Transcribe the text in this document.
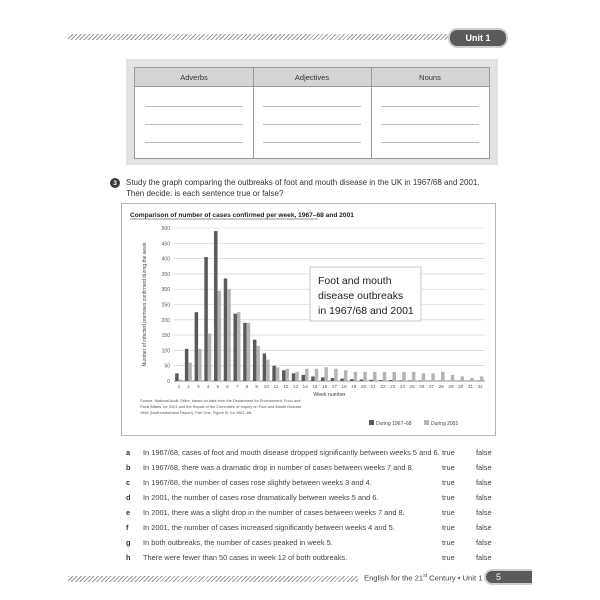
Unit 1
Adverbs	Adjectives	Nouns
3	Study the graph comparing the outbreaks of foot and mouth disease in the UK in 1967/68 and 2001.
Then decide: is each sentence true or false?
Comparison of number of cases confirmed per week, 1967–68 and 2001
0
50
100
150
200
250
300
350
400
450
500
Number of infected premises confirmed during the week
1 2 3 4 5 6 7 8 9 10 11 12 13 14 15 16 17 18 19 20 21 22 23 24 25 26 27 28 29 30 31 32
Week number
Foot and mouth
disease outbreaks
in 1967/68 and 2001
Source: National Audit Office, based on data from the Department for Environment, Food and
Rural Affairs, for 2001 and the Report of the Committee of Inquiry on Foot-and-Mouth Disease
1968 (Northumberland Report), Part One, Figure III, for 1967–68.
During 1967–68	During 2001
a In 1967/68, cases of foot and mouth disease dropped significantly between weeks 5 and 6. true	false
b In 1967/68, there was a dramatic drop in number of cases between weeks 7 and 8.	true	false
c In 1967/68, the number of cases rose slightly between weeks 3 and 4.	true	false
d In 2001, the number of cases rose dramatically between weeks 5 and 6.	true	false
e In 2001, there was a slight drop in the number of cases between weeks 7 and 8.	true	false
f In 2001, the number of cases increased significantly between weeks 4 and 5.	true	false
g In both outbreaks, the number of cases peaked in week 5.	true	false
h There were fewer than 50 cases in week 12 of both outbreaks.	true	false
English for the 21st Century • Unit 1 5
